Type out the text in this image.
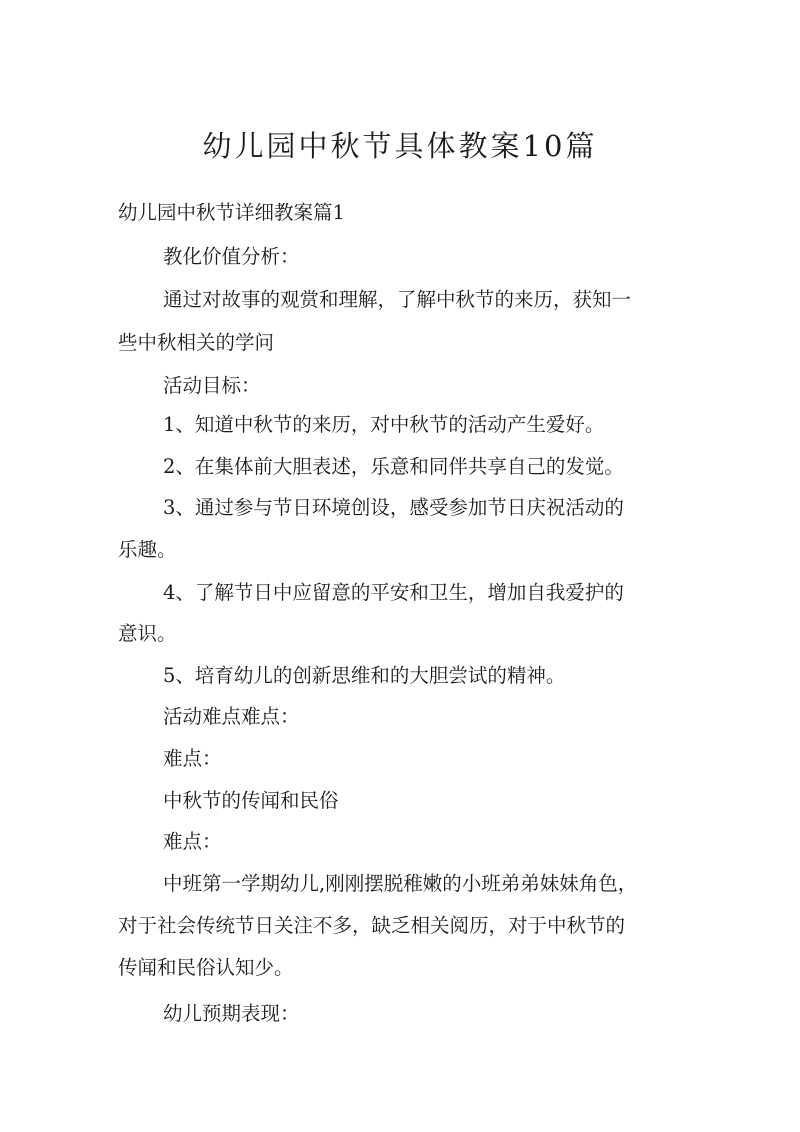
幼儿园中秋节具体教案10篇
幼儿园中秋节详细教案篇1
教化价值分析：
通过对故事的观赏和理解，了解中秋节的来历，获知一
些中秋相关的学问
活动目标：
1、知道中秋节的来历，对中秋节的活动产生爱好。
2、在集体前大胆表述，乐意和同伴共享自己的发觉。
3、通过参与节日环境创设，感受参加节日庆祝活动的
乐趣。
4、了解节日中应留意的平安和卫生，增加自我爱护的
意识。
5、培育幼儿的创新思维和的大胆尝试的精神。
活动难点难点：
难点：
中秋节的传闻和民俗
难点：
中班第一学期幼儿,刚刚摆脱稚嫩的小班弟弟妹妹角色，
对于社会传统节日关注不多，缺乏相关阅历，对于中秋节的
传闻和民俗认知少。
幼儿预期表现：
